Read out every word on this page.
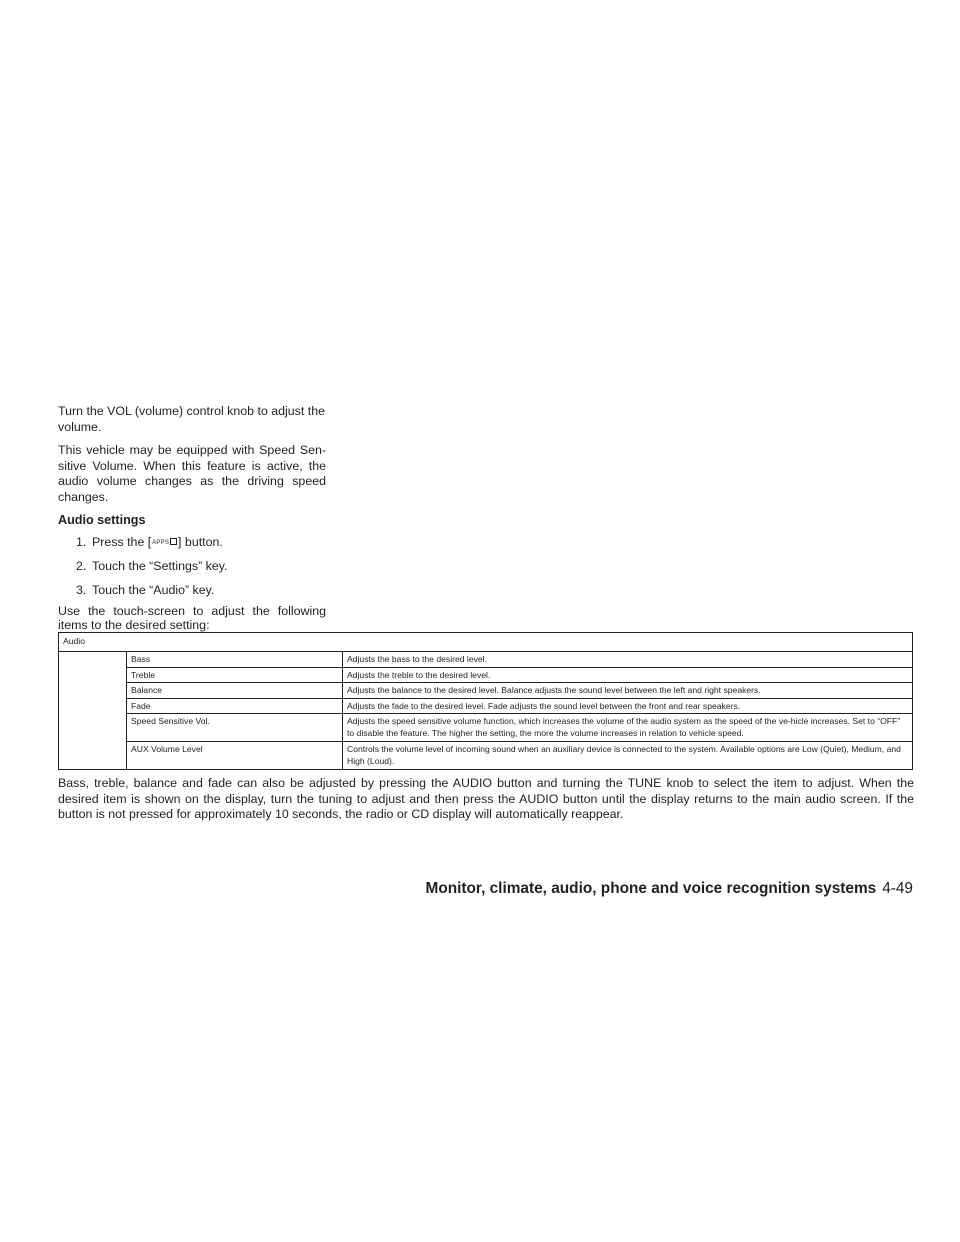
Turn the VOL (volume) control knob to adjust the volume.

This vehicle may be equipped with Speed Sen-sitive Volume. When this feature is active, the audio volume changes as the driving speed changes.

Audio settings
1. Press the [APPS ] button.
2. Touch the “Settings” key.
3. Touch the “Audio” key.

Use the touch-screen to adjust the following items to the desired setting:

Audio		
	Bass	Adjusts the bass to the desired level.
	Treble	Adjusts the treble to the desired level.
	Balance	Adjusts the balance to the desired level. Balance adjusts the sound level between the left and right speakers.
	Fade	Adjusts the fade to the desired level. Fade adjusts the sound level between the front and rear speakers.
	Speed Sensitive Vol.	Adjusts the speed sensitive volume function, which increases the volume of the audio system as the speed of the ve-hicle increases. Set to “OFF” to disable the feature. The higher the setting, the more the volume increases in relation to vehicle speed.
	AUX Volume Level	Controls the volume level of incoming sound when an auxiliary device is connected to the system. Available options are Low (Quiet), Medium, and High (Loud).

Bass, treble, balance and fade can also be adjusted by pressing the AUDIO button and turning the TUNE knob to select the item to adjust. When the desired item is shown on the display, turn the tuning to adjust and then press the AUDIO button until the display returns to the main audio screen. If the button is not pressed for approximately 10 seconds, the radio or CD display will automatically reappear.

Monitor, climate, audio, phone and voice recognition systems 4-49
